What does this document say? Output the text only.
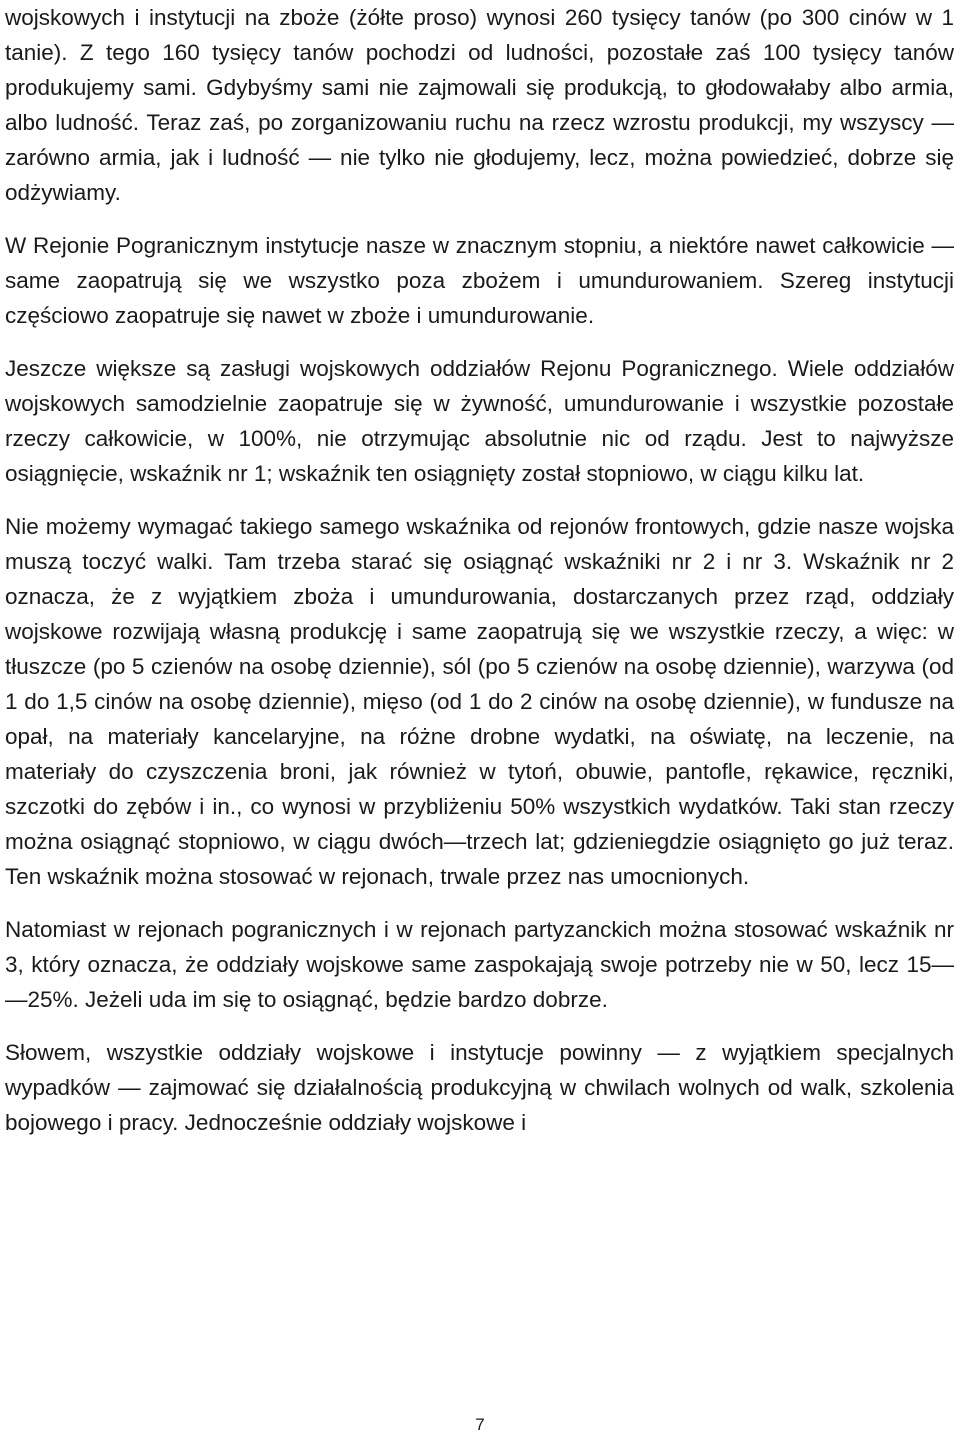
wojskowych i instytucji na zboże (żółte proso) wynosi 260 tysięcy tanów (po 300 cinów w 1 tanie). Z tego 160 tysięcy tanów pochodzi od ludności, pozostałe zaś 100 tysięcy tanów produkujemy sami. Gdybyśmy sami nie zajmowali się produkcją, to głodowałaby albo armia, albo ludność. Teraz zaś, po zorganizowaniu ruchu na rzecz wzrostu produkcji, my wszyscy — zarówno armia, jak i ludność — nie tylko nie głodujemy, lecz, można powiedzieć, dobrze się odżywiamy.

W Rejonie Pogranicznym instytucje nasze w znacznym stopniu, a niektóre nawet całkowicie — same zaopatrują się we wszystko poza zbożem i umundurowaniem. Szereg instytucji częściowo zaopatruje się nawet w zboże i umundurowanie.

Jeszcze większe są zasługi wojskowych oddziałów Rejonu Pogranicznego. Wiele oddziałów wojskowych samodzielnie zaopatruje się w żywność, umundurowanie i wszystkie pozostałe rzeczy całkowicie, w 100%, nie otrzymując absolutnie nic od rządu. Jest to najwyższe osiągnięcie, wskaźnik nr 1; wskaźnik ten osiągnięty został stopniowo, w ciągu kilku lat.

Nie możemy wymagać takiego samego wskaźnika od rejonów frontowych, gdzie nasze wojska muszą toczyć walki. Tam trzeba starać się osiągnąć wskaźniki nr 2 i nr 3. Wskaźnik nr 2 oznacza, że z wyjątkiem zboża i umundurowania, dostarczanych przez rząd, oddziały wojskowe rozwijają własną produkcję i same zaopatrują się we wszystkie rzeczy, a więc: w tłuszcze (po 5 czienów na osobę dziennie), sól (po 5 czienów na osobę dziennie), warzywa (od 1 do 1,5 cinów na osobę dziennie), mięso (od 1 do 2 cinów na osobę dziennie), w fundusze na opał, na materiały kancelaryjne, na różne drobne wydatki, na oświatę, na leczenie, na materiały do czyszczenia broni, jak również w tytoń, obuwie, pantofle, rękawice, ręczniki, szczotki do zębów i in., co wynosi w przybliżeniu 50% wszystkich wydatków. Taki stan rzeczy można osiągnąć stopniowo, w ciągu dwóch—trzech lat; gdzieniegdzie osiągnięto go już teraz. Ten wskaźnik można stosować w rejonach, trwale przez nas umocnionych.

Natomiast w rejonach pogranicznych i w rejonach partyzanckich można stosować wskaźnik nr 3, który oznacza, że oddziały wojskowe same zaspokajają swoje potrzeby nie w 50, lecz 15— —25%. Jeżeli uda im się to osiągnąć, będzie bardzo dobrze.

Słowem, wszystkie oddziały wojskowe i instytucje powinny — z wyjątkiem specjalnych wypadków — zajmować się działalnością produkcyjną w chwilach wolnych od walk, szkolenia bojowego i pracy. Jednocześnie oddziały wojskowe i

7
